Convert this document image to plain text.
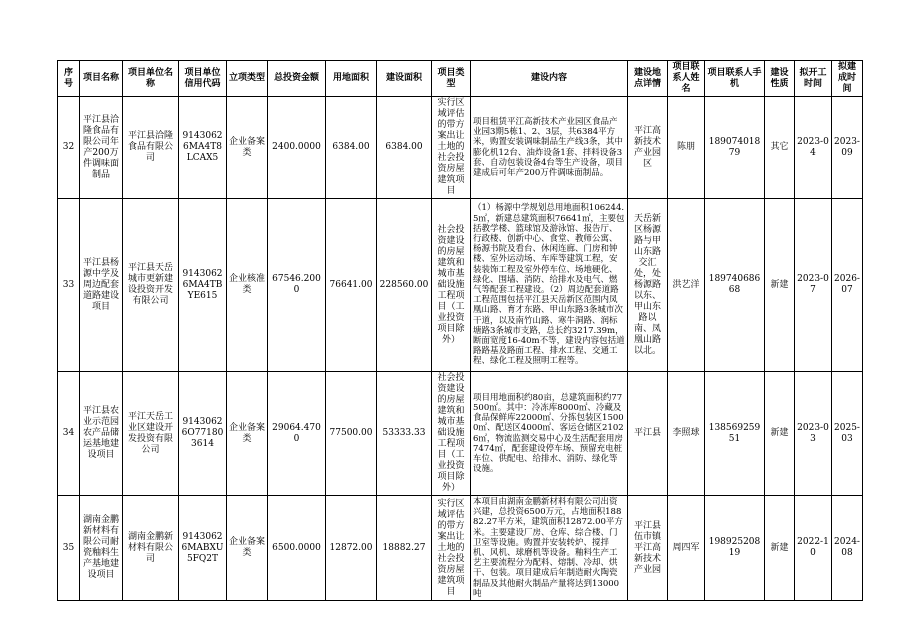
序号	项目名称	项目单位名称	项目单位信用代码	立项类型	总投资金额	用地面积	建设面积	项目类型	建设内容	建设地点详情	项目联系人姓名	项目联系人手机	建设性质	拟开工时间	拟建成时间
32	平江县洽隆食品有限公司年产200万件调味面制品	平江县洽隆食品有限公司	91430626MA4T8LCAX5	企业备案类	2400.0000	6384.00	6384.00	实行区域评估的带方案出让土地的社会投资房屋建筑项目	项目租赁平江高新技术产业园区食品产业园3期5栋1、2、3层，共6384平方米，购置安装调味制品生产线3条，其中膨化机12台、油炸设备1套、拌料设备3套、自动包装设备4台等生产设备，项目建成后可年产200万件调味面制品。	平江高新技术产业园区	陈朋	18907401879	其它	2023-04	2023-09
33	平江县杨源中学及周边配套道路建设项目	平江县天岳城市更新建设投资开发有限公司	91430626MA4TBYE615	企业核准类	67546.2000	76641.00	228560.00	社会投资建设的房屋建筑和城市基础设施工程项目（工业投资项目除外）	（1）杨源中学规划总用地面积106244.5㎡，新建总建筑面积76641㎡，主要包括教学楼、篮球馆及游泳馆、报告厅、行政楼、创新中心、食堂、教师公寓、杨源书院及看台、休闲连廊、门房和钟楼、室外运动场、车库等建筑工程，安装装饰工程及室外停车位、场地硬化、绿化、围墙、消防、给排水及电气、燃气等配套工程建设。（2）周边配套道路工程范围包括平江县天岳新区范围内凤凰山路、育才东路、甲山东路3条城市次干道，以及南竹山路、寒牛洞路、润标塘路3条城市支路，总长约3217.39m，断面宽度16-40m不等，建设内容包括道路路基及路面工程、排水工程、交通工程、绿化工程及照明工程等。	天岳新区杨源路与甲山东路交汇处，处杨源路以东、甲山东路以南、凤凰山路以北。	洪艺洋	18974068668	新建	2023-07	2026-07
34	平江县农业示范园农产品储运基地建设项目	平江天岳工业区建设开发投资有限公司	91430626O771803614	企业备案类	29064.4700	77500.00	53333.33	社会投资建设的房屋建筑和城市基础设施工程项目（工业投资项目除外）	项目用地面积约80亩，总建筑面积约77500㎡。其中：冷冻库8000㎡、冷藏及食品保鲜库22000㎡、分拣包装区15000㎡、配送区4000㎡、客运仓储区21026㎡，物流监测交易中心及生活配套用房7474㎡，配套建设停车场、预留充电桩车位、供配电、给排水、消防、绿化等设施。	平江县	李照球	13856925951	新建	2023-03	2025-03
35	湖南金鹏新材料有限公司耐瓷釉料生产基地建设项目	湖南金鹏新材料有限公司	91430626MABXU5FQ2T	企业备案类	6500.0000	12872.00	18882.27	实行区域评估的带方案出让土地的社会投资房屋建筑项目	本项目由湖南金鹏新材料有限公司出资兴建，总投资6500万元，占地面积18882.27平方米，建筑面积12872.00平方米。主要建设厂房、仓库、综合楼、门卫室等设施。购置并安装转炉、搅拌机、风机、球磨机等设备。釉料生产工艺主要流程分为配料、熔制、冷却、烘干、包装。项目建成后年制造耐火陶瓷制品及其他耐火制品产量将达到13000吨	平江县伍市镇平江高新技术产业园	周四军	19892520819	新建	2022-10	2024-08
